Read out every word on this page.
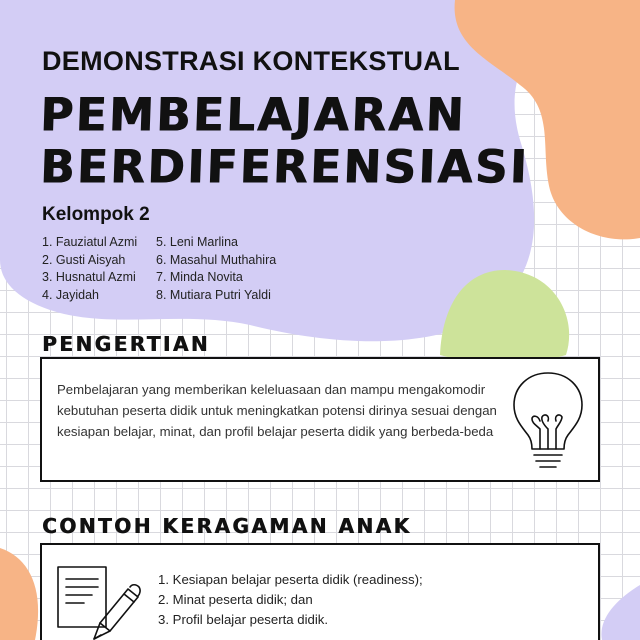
DEMONSTRASI KONTEKSTUAL
PEMBELAJARAN
BERDIFERENSIASI
Kelompok 2
1. Fauziatul Azmi
2. Gusti Aisyah
3. Husnatul Azmi
4. Jayidah
5. Leni Marlina
6. Masahul Muthahira
7. Minda Novita
8. Mutiara Putri Yaldi
PENGERTIAN

Pembelajaran yang memberikan keleluasaan dan mampu mengakomodir kebutuhan peserta didik untuk meningkatkan potensi dirinya sesuai dengan kesiapan belajar, minat, dan profil belajar peserta didik yang berbeda-beda

CONTOH KERAGAMAN ANAK
1. Kesiapan belajar peserta didik (readiness);
2. Minat peserta didik; dan
3. Profil belajar peserta didik.
